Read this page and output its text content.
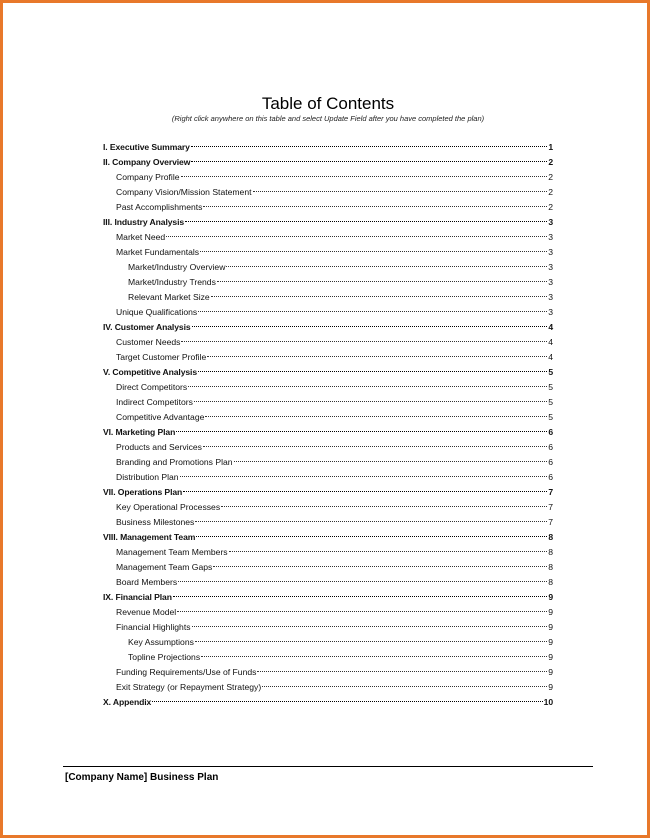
Table of Contents
(Right click anywhere on this table and select Update Field after you have completed the plan)
I. Executive Summary	1
II. Company Overview	2
Company Profile	2
Company Vision/Mission Statement	2
Past Accomplishments	2
III. Industry Analysis	3
Market Need	3
Market Fundamentals	3
Market/Industry Overview	3
Market/Industry Trends	3
Relevant Market Size	3
Unique Qualifications	3
IV. Customer Analysis	4
Customer Needs	4
Target Customer Profile	4
V. Competitive Analysis	5
Direct Competitors	5
Indirect Competitors	5
Competitive Advantage	5
VI. Marketing Plan	6
Products and Services	6
Branding and Promotions Plan	6
Distribution Plan	6
VII. Operations Plan	7
Key Operational Processes	7
Business Milestones	7
VIII. Management Team	8
Management Team Members	8
Management Team Gaps	8
Board Members	8
IX. Financial Plan	9
Revenue Model	9
Financial Highlights	9
Key Assumptions	9
Topline Projections	9
Funding Requirements/Use of Funds	9
Exit Strategy (or Repayment Strategy)	9
X. Appendix	10
[Company Name] Business Plan
